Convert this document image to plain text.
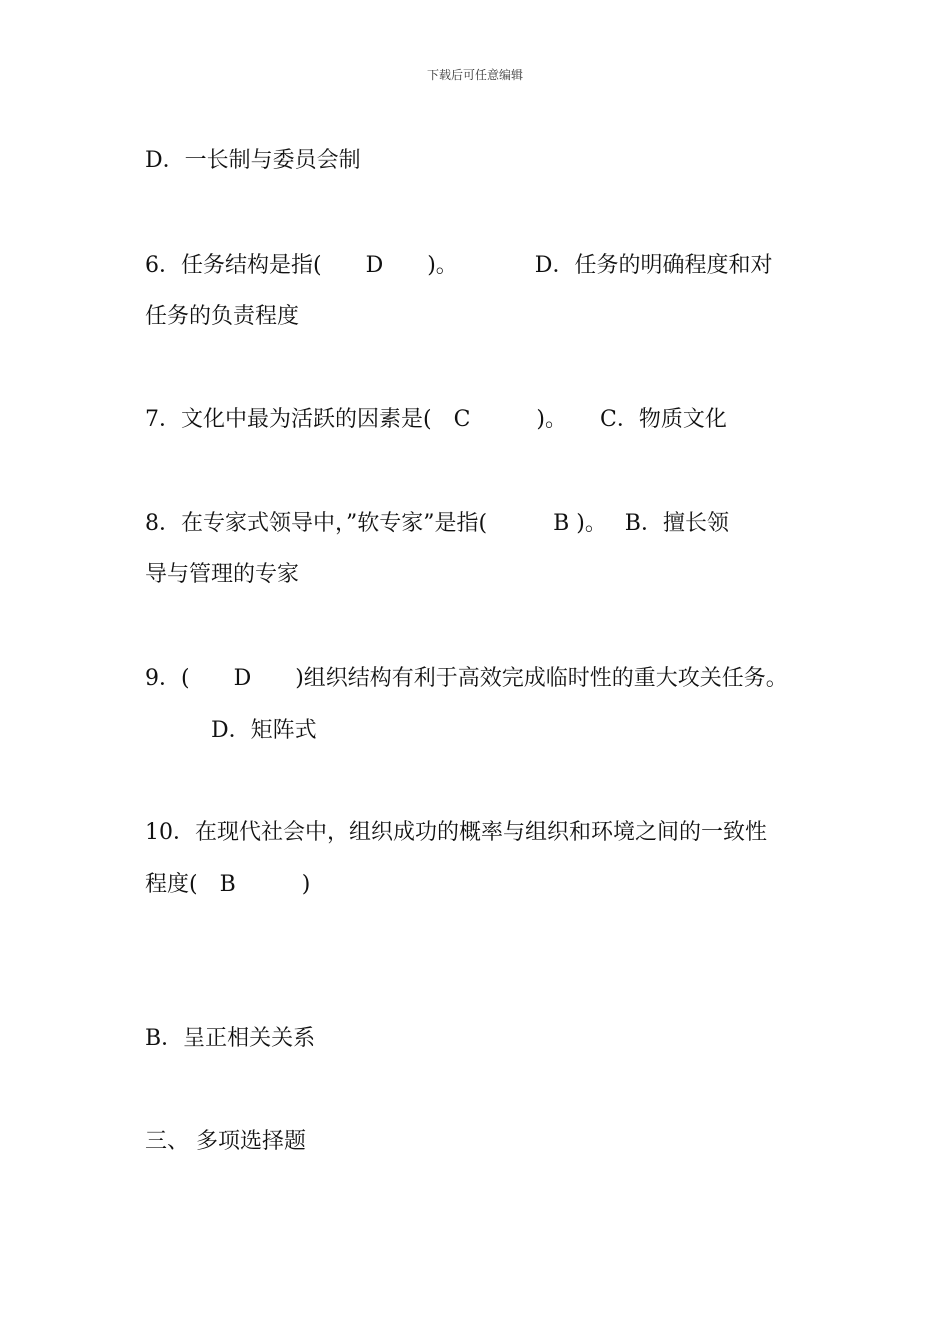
下载后可任意编辑
D．一长制与委员会制
6．任务结构是指(　　D　　)。　　　　D．任务的明确程度和对
任务的负责程度
7．文化中最为活跃的因素是(　C　　　)。　　C．物质文化
8．在专家式领导中，”软专家”是指(　　　B )。　 B．擅长领
导与管理的专家
9．(　　D　　)组织结构有利于高效完成临时性的重大攻关任务。
　　　D．矩阵式
10．在现代社会中，组织成功的概率与组织和环境之间的一致性
程度(　B　　　)
B．呈正相关关系
三、 多项选择题
